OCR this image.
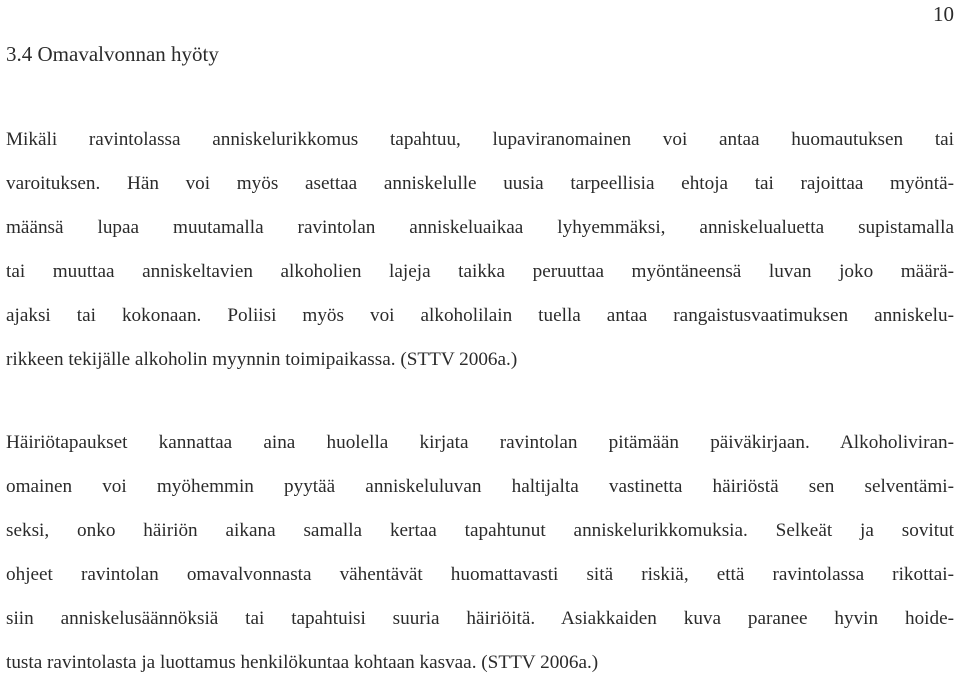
10
3.4 Omavalvonnan hyöty

Mikäli ravintolassa anniskelurikkomus tapahtuu, lupaviranomainen voi antaa huomautuksen tai

varoituksen. Hän voi myös asettaa anniskelulle uusia tarpeellisia ehtoja tai rajoittaa myöntä-

määnsä lupaa muutamalla ravintolan anniskeluaikaa lyhyemmäksi, anniskelualuetta supistamalla

tai muuttaa anniskeltavien alkoholien lajeja taikka peruuttaa myöntäneensä luvan joko määrä-

ajaksi tai kokonaan. Poliisi myös voi alkoholilain tuella antaa rangaistusvaatimuksen anniskelu-

rikkeen tekijälle alkoholin myynnin toimipaikassa. (STTV 2006a.)

Häiriötapaukset kannattaa aina huolella kirjata ravintolan pitämään päiväkirjaan. Alkoholiviran-

omainen voi myöhemmin pyytää anniskeluluvan haltijalta vastinetta häiriöstä sen selventämi-

seksi, onko häiriön aikana samalla kertaa tapahtunut anniskelurikkomuksia. Selkeät ja sovitut

ohjeet ravintolan omavalvonnasta vähentävät huomattavasti sitä riskiä, että ravintolassa rikottai-

siin anniskelusäännöksiä tai tapahtuisi suuria häiriöitä. Asiakkaiden kuva paranee hyvin hoide-

tusta ravintolasta ja luottamus henkilökuntaa kohtaan kasvaa. (STTV 2006a.)
